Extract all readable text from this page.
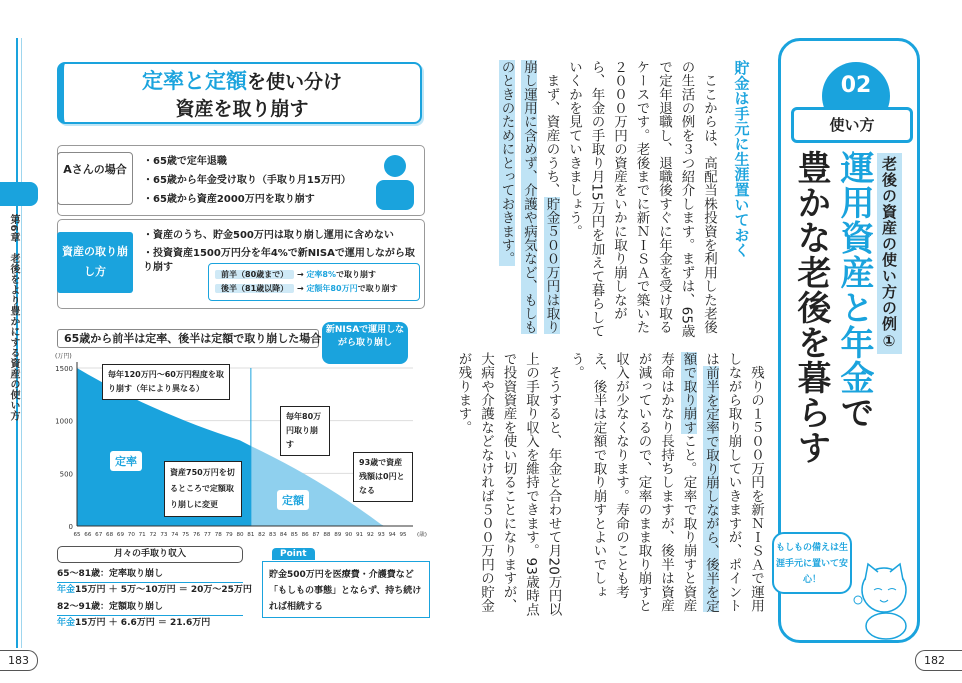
第6章　老後をより豊かにする資産の使い方
183
定率と定額を使い分け
資産を取り崩す
Aさんの場合
・65歳で定年退職
・65歳から年金受け取り（手取り月15万円）
・65歳から資産2000万円を取り崩す
資産の取り崩し方
・資産のうち、貯金500万円は取り崩し運用に含めない
・投資資産1500万円分を年4%で新NISAで運用しながら取り崩す
前半（80歳まで） → 定率8%で取り崩す
後半（81歳以降） → 定額年80万円で取り崩す
65歳から前半は定率、後半は定額で取り崩した場合
新NISAで運用しながら取り崩し
0
500
1000
1500
65 66 67 68 69 70 71 72 73 74 75 76 77 78 79 80 81 82 83 84 85 86 87 88 89 90 91 92 93 94 95 (歳)
(万円)
毎年120万円～60万円程度を取り崩す（年により異なる）
毎年80万円取り崩す
資産750万円を切るところで定額取り崩しに変更
93歳で資産残額は0円となる
定率
定額
月々の手取り収入
65～81歳：定率取り崩し
年金15万円 ＋ 5万～10万円 ＝ 20万～25万円
82～91歳：定額取り崩し
年金15万円 ＋ 6.6万円 ＝ 21.6万円
Point
貯金500万円を医療費・介護費など「もしもの事態」とならず、持ち続ければ相続する
貯金は手元に生涯置いておく
　ここからは、高配当株投資を利用した老後の生活の例を３つ紹介します。まずは、65歳で定年退職し、退職後すぐに年金を受け取るケースです。老後までに新ＮＩＳＡで築いた２０００万円の資産をいかに取り崩しながら、年金の手取り月15万円を加えて暮らしていくかを見ていきましょう。
　まず、資産のうち、貯金５００万円は取り崩し運用に含めず、介護や病気など、もしものときのためにとっておきます。
　残りの１５００万円を新ＮＩＳＡで運用しながら取り崩していきますが、ポイントは前半を定率で取り崩しながら、後半を定額で取り崩すこと。定率で取り崩すと資産寿命はかなり長持ちしますが、後半は資産が減っているので、定率のまま取り崩すと収入が少なくなります。寿命のことも考え、後半は定額で取り崩すとよいでしょう。
　そうすると、年金と合わせて月20万円以上の手取り収入を維持できます。93歳時点で投資資産を使い切ることになりますが、大病や介護などなければ５００万円の貯金が残ります。
02
使い方
老後の資産の使い方の例①
運用資産と年金で
豊かな老後を暮らす
もしもの備えは生涯手元に置いて安心！
182
